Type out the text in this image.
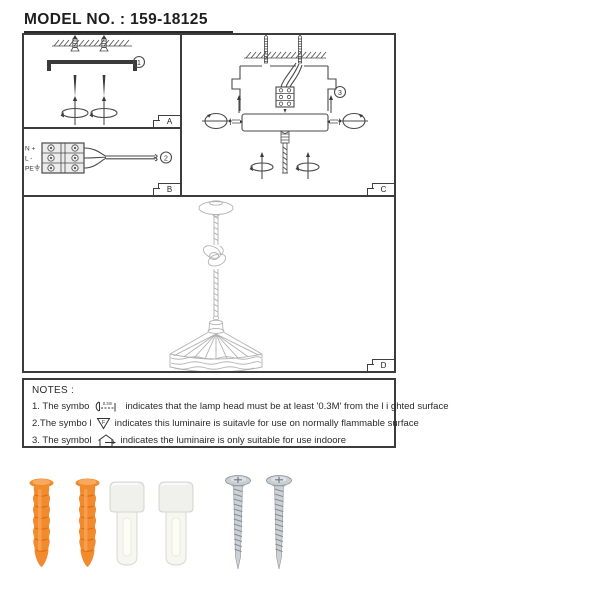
MODEL NO. : 159-18125
1
A
N +
L -
PE
2
B
3
C
D
NOTES :
1. The symbo	0.3m indicates that the lamp head must be at least '0.3M' from the l i ghted surface
2.The symbo l F indicates this luminaire is suitavle for use on normally flammable surface
3. The symbol	indicates the luminaire is only suitable for use indoore
